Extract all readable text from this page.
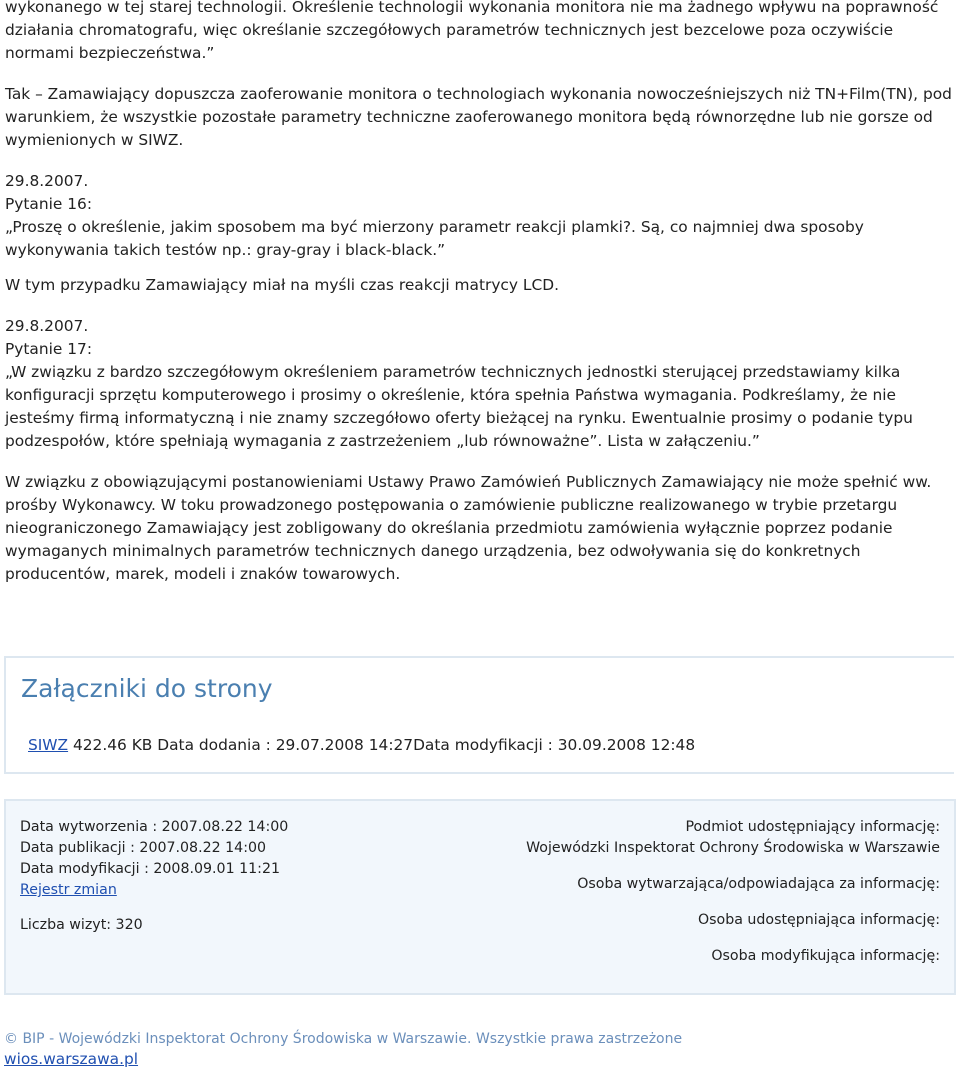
wykonanego w tej starej technologii. Określenie technologii wykonania monitora nie ma żadnego wpływu na poprawność działania chromatografu, więc określanie szczegółowych parametrów technicznych jest bezcelowe poza oczywiście normami bezpieczeństwa.”

Tak – Zamawiający dopuszcza zaoferowanie monitora o technologiach wykonania nowocześniejszych niż TN+Film(TN), pod warunkiem, że wszystkie pozostałe parametry techniczne zaoferowanego monitora będą równorzędne lub nie gorsze od wymienionych w SIWZ.

29.8.2007.

Pytanie 16:

„Proszę o określenie, jakim sposobem ma być mierzony parametr reakcji plamki?. Są, co najmniej dwa sposoby wykonywania takich testów np.: gray-gray i black-black.”

W tym przypadku Zamawiający miał na myśli czas reakcji matrycy LCD.

29.8.2007.

Pytanie 17:

„W związku z bardzo szczegółowym określeniem parametrów technicznych jednostki sterującej przedstawiamy kilka konfiguracji sprzętu komputerowego i prosimy o określenie, która spełnia Państwa wymagania. Podkreślamy, że nie jesteśmy firmą informatyczną i nie znamy szczegółowo oferty bieżącej na rynku. Ewentualnie prosimy o podanie typu podzespołów, które spełniają wymagania z zastrzeżeniem „lub równoważne”. Lista w załączeniu.”

W związku z obowiązującymi postanowieniami Ustawy Prawo Zamówień Publicznych Zamawiający nie może spełnić ww. prośby Wykonawcy. W toku prowadzonego postępowania o zamówienie publiczne realizowanego w trybie przetargu nieograniczonego Zamawiający jest zobligowany do określania przedmiotu zamówienia wyłącznie poprzez podanie wymaganych minimalnych parametrów technicznych danego urządzenia, bez odwoływania się do konkretnych producentów, marek, modeli i znaków towarowych.

Załączniki do strony
SIWZ 422.46 KB Data dodania : 29.07.2008 14:27Data modyfikacji : 30.09.2008 12:48
Data wytworzenia : 2007.08.22 14:00
Data publikacji : 2007.08.22 14:00
Data modyfikacji : 2008.09.01 11:21
Rejestr zmian
Liczba wizyt: 320
Podmiot udostępniający informację:
Wojewódzki Inspektorat Ochrony Środowiska w Warszawie
Osoba wytwarzająca/odpowiadająca za informację:
Osoba udostępniająca informację:
Osoba modyfikująca informację:
© BIP - Wojewódzki Inspektorat Ochrony Środowiska w Warszawie. Wszystkie prawa zastrzeżone
wios.warszawa.pl
